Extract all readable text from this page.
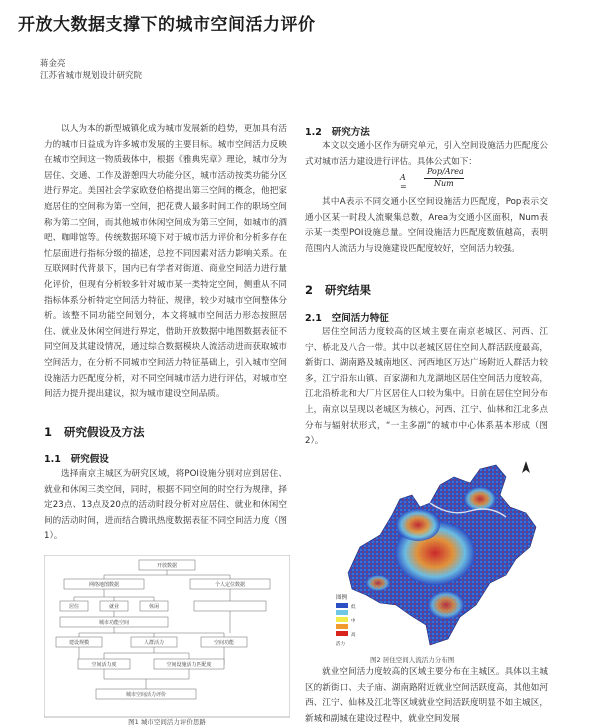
开放大数据支撑下的城市空间活力评价
蒋金亮
江苏省城市规划设计研究院
以人为本的新型城镇化成为城市发展新的趋势，更加具有活力的城市日益成为许多城市发展的主要目标。城市空间活力反映在城市空间这一物质载体中，根据《雅典宪章》理论，城市分为居住、交通、工作及游憩四大功能分区，城市活动按类功能分区进行界定。美国社会学家欧登伯格提出第三空间的概念，他把家庭居住的空间称为第一空间，把花费人最多时间工作的职场空间称为第二空间，而其他城市休闲空间成为第三空间，如城市的酒吧、咖啡馆等。传统数据环境下对于城市活力评价和分析多存在忙层面进行指标分级的描述，总控不同因素对活力影响关系。在互联网时代背景下，国内已有学者对街道、商业空间活力进行量化评价，但现有分析较多针对城市某一类特定空间，侧重从不同指标体系分析特定空间活力特征、规律，较少对城市空间整体分析。该整不同功能空间划分，本文将城市空间活力形态按照居住、就业及休闲空间进行界定，借助开放数据中地图数据表征不同空间及其建设情况，通过综合数据模块人流活动进而获取城市空间活力，在分析不同城市空间活力特征基础上，引入城市空间设施活力匹配度分析，对不同空间城市活力进行评估，对城市空间活力提升提出建议，拟为城市建设空间品质。
1 研究假设及方法
1.1 研究假设
选择南京主城区为研究区域，将POI设施分别对应到居住、就业和休闲三类空间，同时，根据不同空间的时空行为规律，择定23点、13点及20点的活动时段分析对应居住、就业和休闲空间的活动时间，进而结合腾讯热度数据表征不同空间活力度（图1）。
开放数据
网络地图数据	个人定位数据
居住	就业	休闲
城市功能空间
建设规模	人群活力	空间功能
空间活力度	空间设施活力匹配度
城市空间活力评价
图1 城市空间活力评价思路
1.2 研究方法
本文以交通小区作为研究单元，引入空间设施活力匹配度公式对城市活力建设进行评估。具体公式如下：
A =
Pop/Area
Num
其中A表示不同交通小区空间设施活力匹配度，Pop表示交通小区某一时段人流聚集总数，Area为交通小区面积，Num表示某一类型POI设施总量。空间设施活力匹配度数值越高，表明范围内人流活力与设施建设匹配度较好，空间活力较强。
2 研究结果
2.1 空间活力特征
居住空间活力度较高的区域主要在南京老城区、河西、江宁、桥北及八合一带。其中以老城区居住空间人群活跃度最高，新街口、湖南路及城南地区、河西地区万达广场附近人群活力较多，江宁沿东山镇、百家湖和九龙湖地区居住空间活力度较高，江北沿桥北和大厂片区居住人口较为集中。日前在居住空间分布上，南京以呈现以老城区为核心，河西、江宁、仙林和江北多点分布与辐射状形式，“一主多副”的城市中心体系基本形成（图2）。
图例
低
中
高
活力
图2 居住空间人流活力分布图
就业空间活力度较高的区域主要分布在主城区。具体以主城区的新街口、夫子庙、湖南路附近就业空间活跃度高，其他如河西、江宁、仙林及江北等区域就业空间活跃度明显不如主城区，新城和副城在建设过程中，就业空间发展
